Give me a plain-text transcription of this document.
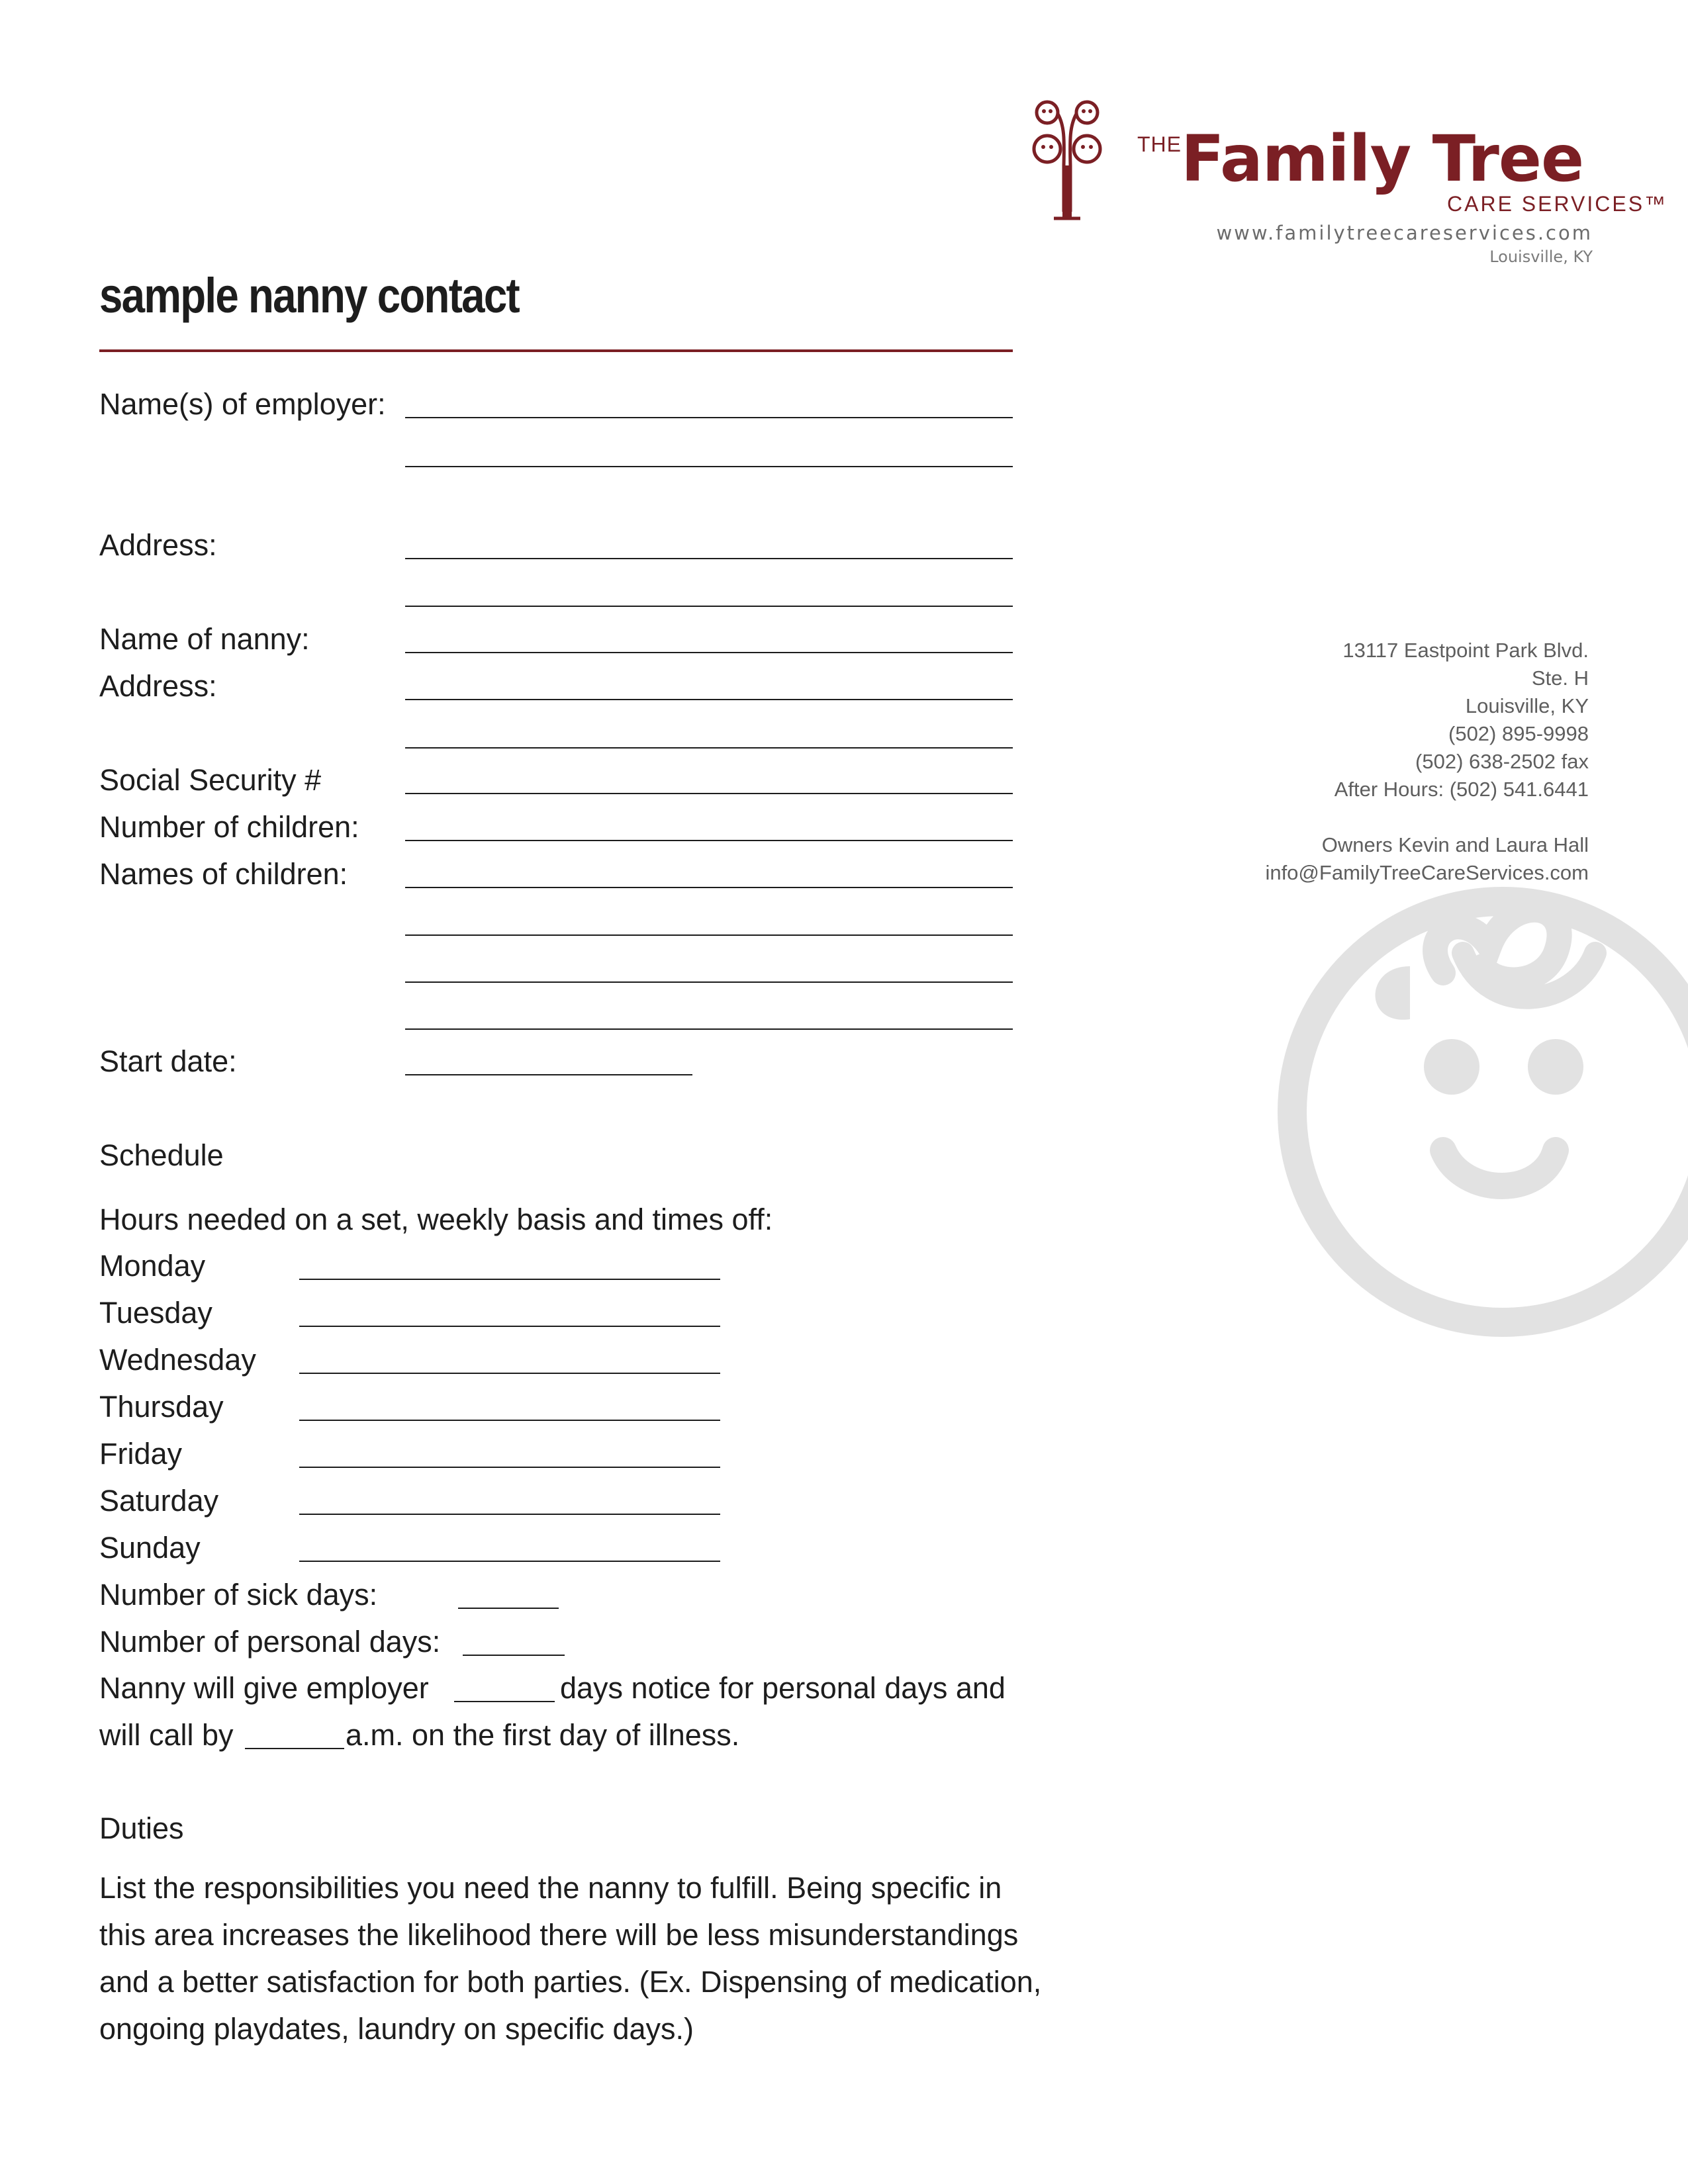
THE Family Tree
CARE SERVICES™
www.familytreecareservices.com
Louisville, KY
sample nanny contact
13117 Eastpoint Park Blvd.
Ste. H
Louisville, KY
(502) 895-9998
(502) 638-2502 fax
After Hours: (502) 541.6441
Owners Kevin and Laura Hall
info@FamilyTreeCareServices.com
Name(s) of employer:
Address:
Name of nanny:
Address:
Social Security #
Number of children:
Names of children:
Start date:
Schedule
Hours needed on a set, weekly basis and times off:
Monday
Tuesday
Wednesday
Thursday
Friday
Saturday
Sunday
Number of sick days:
Number of personal days:
Nanny will give employer	days notice for personal days and
will call by	a.m. on the first day of illness.
Duties
List the responsibilities you need the nanny to fulfill. Being specific in this area increases the likelihood there will be less misunderstandings and a better satisfaction for both parties. (Ex. Dispensing of medication, ongoing playdates, laundry on specific days.)
